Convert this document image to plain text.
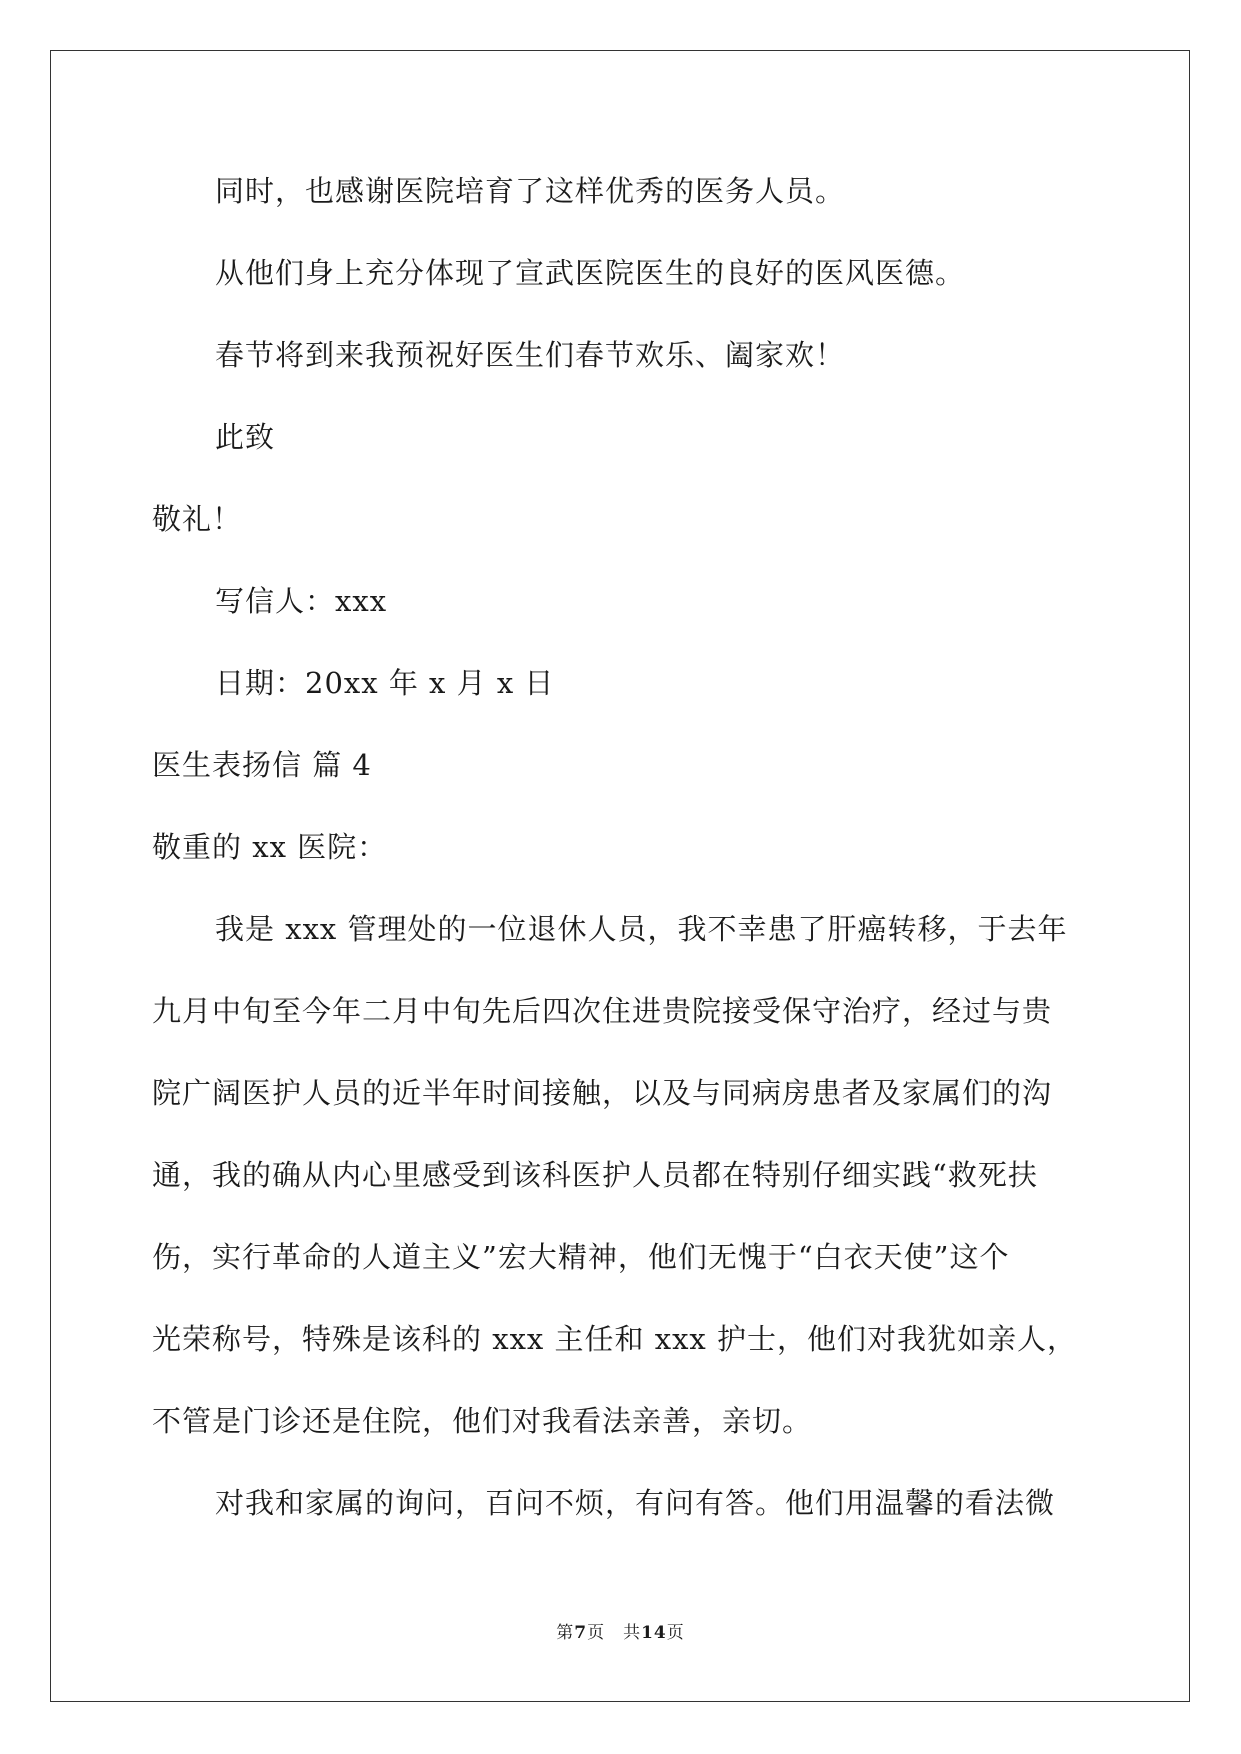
同时，也感谢医院培育了这样优秀的医务人员。
从他们身上充分体现了宣武医院医生的良好的医风医德。
春节将到来我预祝好医生们春节欢乐、阖家欢！
此致
敬礼！
写信人：xxx
日期：20xx 年 x 月 x 日
医生表扬信 篇 4
敬重的 xx 医院：
我是 xxx 管理处的一位退休人员，我不幸患了肝癌转移，于去年
九月中旬至今年二月中旬先后四次住进贵院接受保守治疗，经过与贵
院广阔医护人员的近半年时间接触，以及与同病房患者及家属们的沟
通，我的确从内心里感受到该科医护人员都在特别仔细实践“救死扶
伤，实行革命的人道主义”宏大精神，他们无愧于“白衣天使”这个
光荣称号，特殊是该科的 xxx 主任和 xxx 护士，他们对我犹如亲人，
不管是门诊还是住院，他们对我看法亲善，亲切。
对我和家属的询问，百问不烦，有问有答。他们用温馨的看法微
第7页　共14页
